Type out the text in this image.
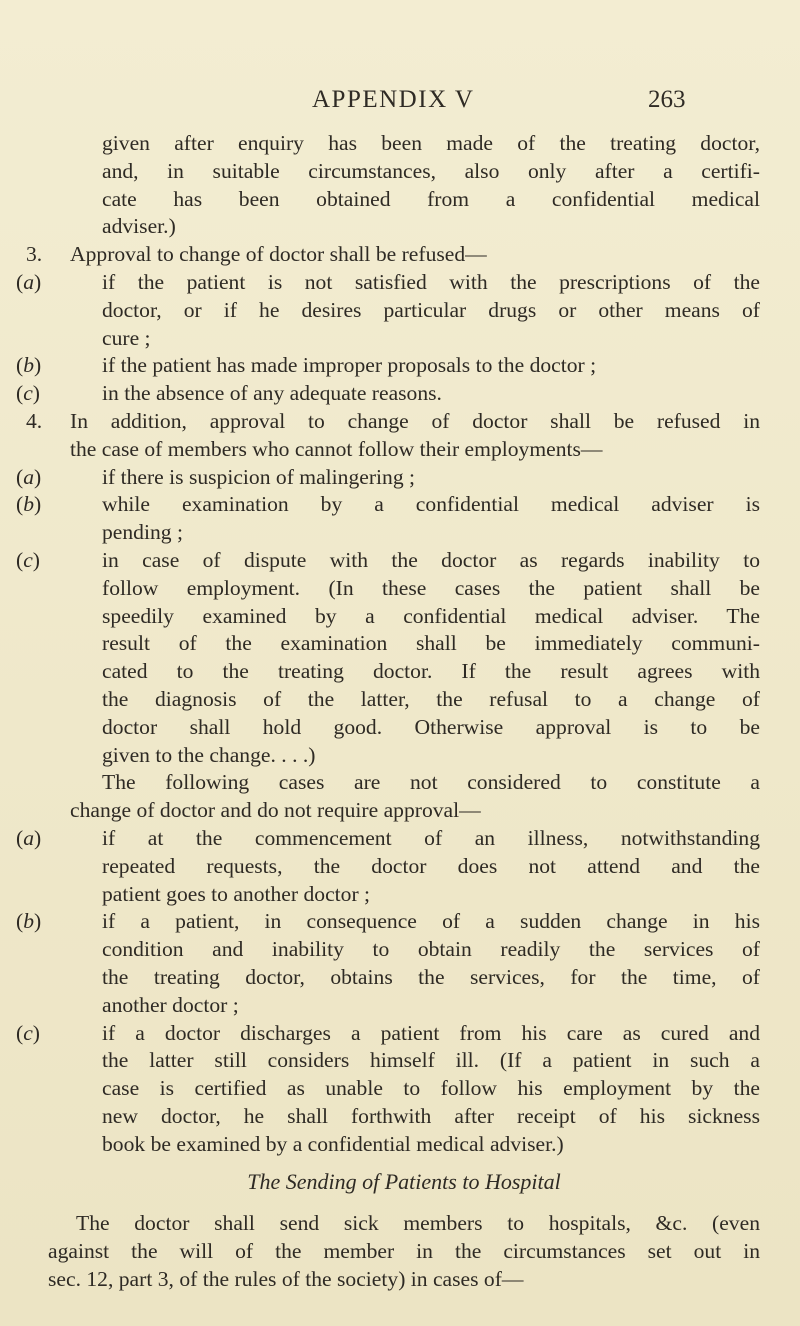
APPENDIX V	263
given after enquiry has been made of the treating doctor,
and, in suitable circumstances, also only after a certifi-
cate has been obtained from a confidential medical
adviser.)
3. Approval to change of doctor shall be refused—
(a)	if the patient is not satisfied with the prescriptions of the
doctor, or if he desires particular drugs or other means of
cure ;
(b)	if the patient has made improper proposals to the doctor ;
(c)	in the absence of any adequate reasons.
4. In addition, approval to change of doctor shall be refused in
the case of members who cannot follow their employments—
(a)	if there is suspicion of malingering ;
(b)	while examination by a confidential medical adviser is
pending ;
(c)	in case of dispute with the doctor as regards inability to
follow employment. (In these cases the patient shall be
speedily examined by a confidential medical adviser. The
result of the examination shall be immediately communi-
cated to the treating doctor. If the result agrees with
the diagnosis of the latter, the refusal to a change of
doctor shall hold good. Otherwise approval is to be
given to the change. . . .)
The following cases are not considered to constitute a
change of doctor and do not require approval—
(a)	if at the commencement of an illness, notwithstanding
repeated requests, the doctor does not attend and the
patient goes to another doctor ;
(b)	if a patient, in consequence of a sudden change in his
condition and inability to obtain readily the services of
the treating doctor, obtains the services, for the time, of
another doctor ;
(c)	if a doctor discharges a patient from his care as cured and
the latter still considers himself ill. (If a patient in such a
case is certified as unable to follow his employment by the
new doctor, he shall forthwith after receipt of his sickness
book be examined by a confidential medical adviser.)
The Sending of Patients to Hospital
The doctor shall send sick members to hospitals, &c. (even
against the will of the member in the circumstances set out in
sec. 12, part 3, of the rules of the society) in cases of—
